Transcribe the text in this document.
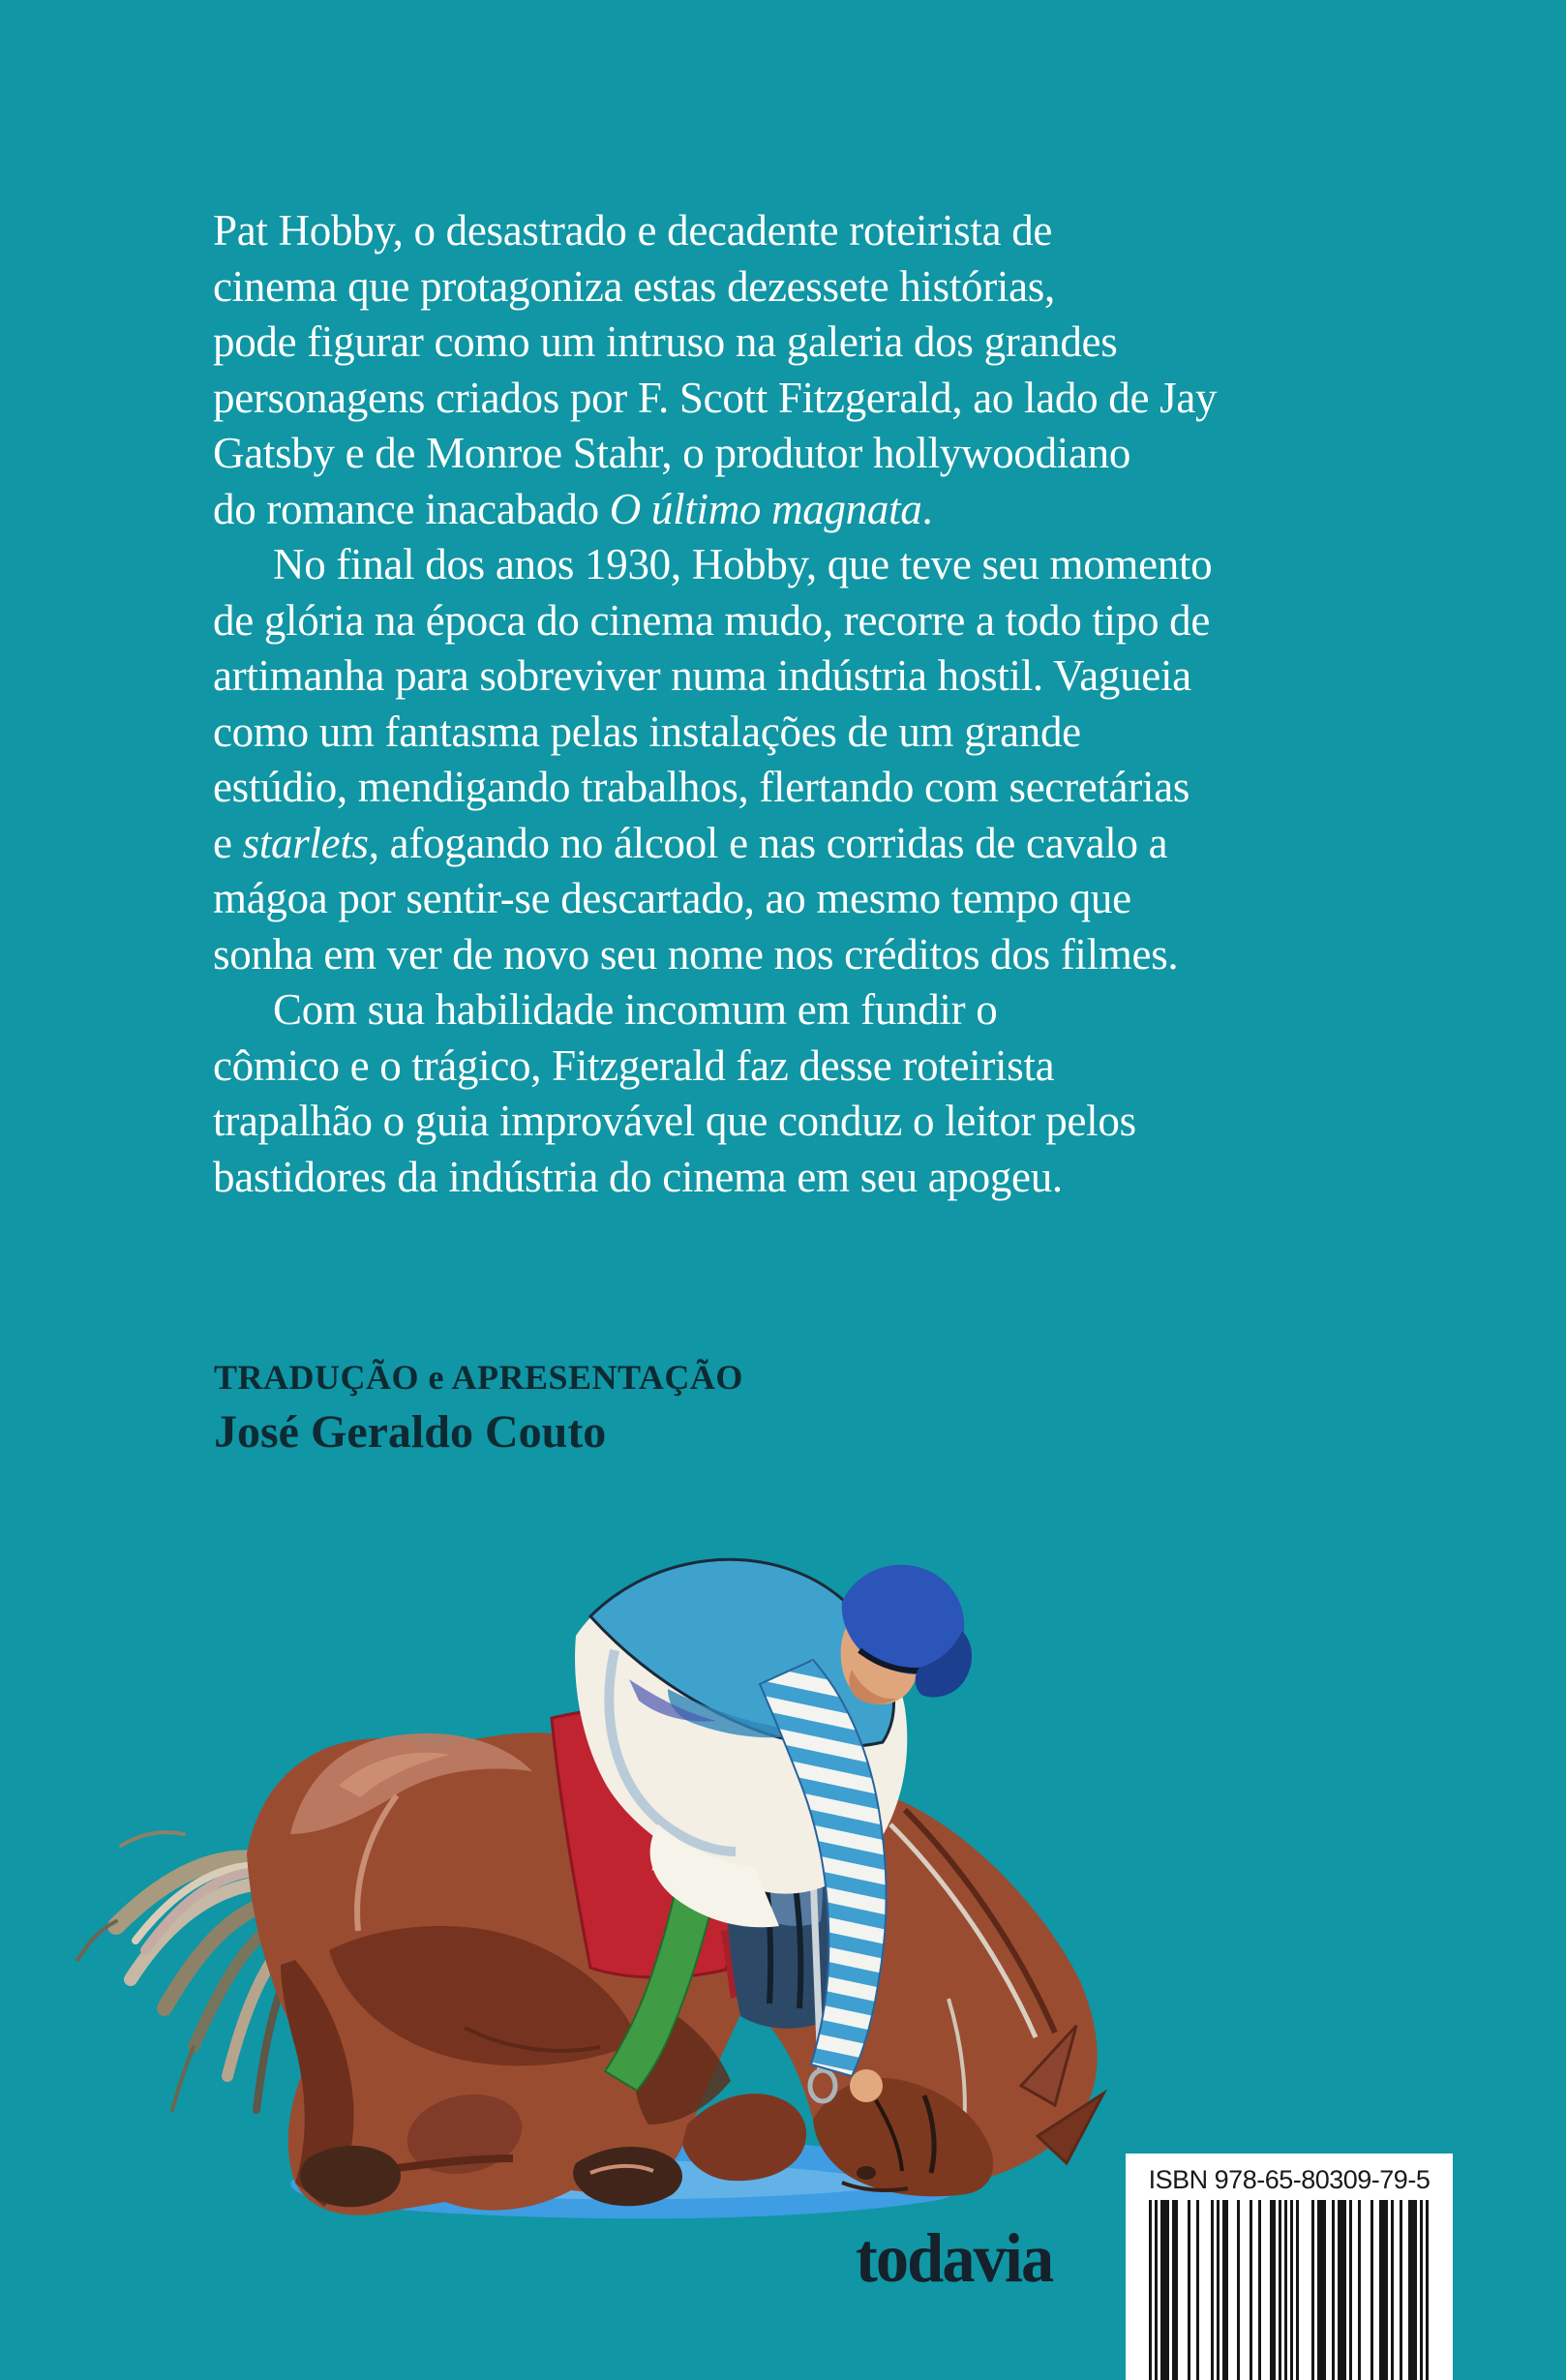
Pat Hobby, o desastrado e decadente roteirista de
cinema que protagoniza estas dezessete histórias,
pode figurar como um intruso na galeria dos grandes
personagens criados por F. Scott Fitzgerald, ao lado de Jay
Gatsby e de Monroe Stahr, o produtor hollywoodiano
do romance inacabado O último magnata.
No final dos anos 1930, Hobby, que teve seu momento
de glória na época do cinema mudo, recorre a todo tipo de
artimanha para sobreviver numa indústria hostil. Vagueia
como um fantasma pelas instalações de um grande
estúdio, mendigando trabalhos, flertando com secretárias
e starlets, afogando no álcool e nas corridas de cavalo a
mágoa por sentir-se descartado, ao mesmo tempo que
sonha em ver de novo seu nome nos créditos dos filmes.
Com sua habilidade incomum em fundir o
cômico e o trágico, Fitzgerald faz desse roteirista
trapalhão o guia improvável que conduz o leitor pelos
bastidores da indústria do cinema em seu apogeu.
TRADUÇÃO e APRESENTAÇÃO
José Geraldo Couto
todavia
ISBN 978-65-80309-79-5
